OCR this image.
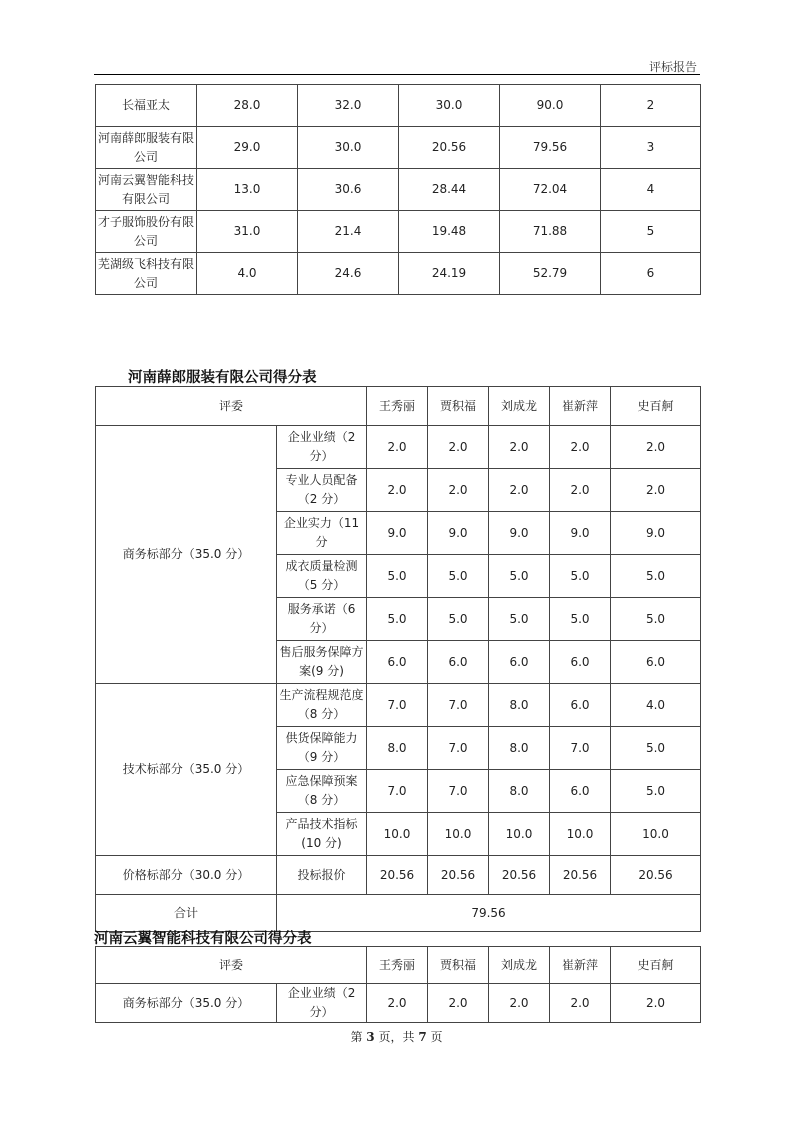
评标报告
长福亚太	28.0	32.0	30.0	90.0	2
河南薛郎服装有限公司	29.0	30.0	20.56	79.56	3
河南云翼智能科技有限公司	13.0	30.6	28.44	72.04	4
才子服饰股份有限公司	31.0	21.4	19.48	71.88	5
芜湖级飞科技有限公司	4.0	24.6	24.19	52.79	6
河南薛郎服装有限公司得分表
评委		王秀丽	贾积福	刘成龙	崔新萍	史百舸
商务标部分（35.0 分）	企业业绩（2 分）	2.0	2.0	2.0	2.0	2.0
	专业人员配备（2 分）	2.0	2.0	2.0	2.0	2.0
	企业实力（11 分	9.0	9.0	9.0	9.0	9.0
	成衣质量检测（5 分）	5.0	5.0	5.0	5.0	5.0
	服务承诺（6 分）	5.0	5.0	5.0	5.0	5.0
	售后服务保障方案(9 分)	6.0	6.0	6.0	6.0	6.0
技术标部分（35.0 分）	生产流程规范度（8 分）	7.0	7.0	8.0	6.0	4.0
	供货保障能力（9 分）	8.0	7.0	8.0	7.0	5.0
	应急保障预案（8 分）	7.0	7.0	8.0	6.0	5.0
	产品技术指标(10 分)	10.0	10.0	10.0	10.0	10.0
价格标部分（30.0 分）	投标报价	20.56	20.56	20.56	20.56	20.56
合计	79.56					
河南云翼智能科技有限公司得分表
评委		王秀丽	贾积福	刘成龙	崔新萍	史百舸
商务标部分（35.0 分）	企业业绩（2 分）	2.0	2.0	2.0	2.0	2.0
第 3 页，共 7 页
